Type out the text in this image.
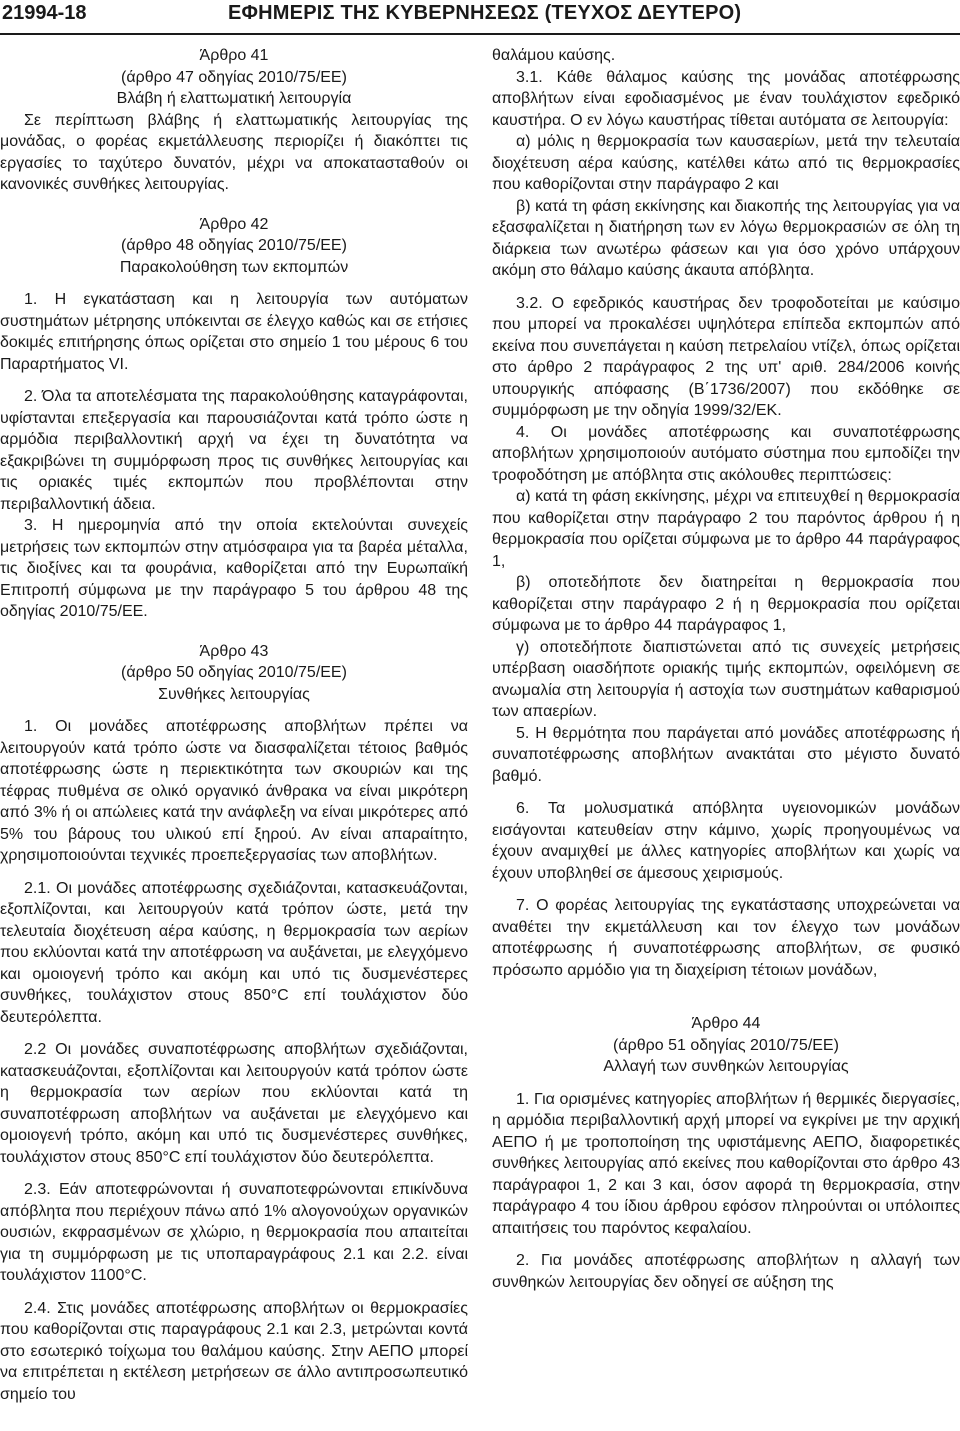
21994-18	ΕΦΗΜΕΡΙΣ ΤΗΣ ΚΥΒΕΡΝΗΣΕΩΣ (ΤΕΥΧΟΣ ΔΕΥΤΕΡΟ)
Άρθρο 41
(άρθρο 47 οδηγίας 2010/75/ΕΕ)
Βλάβη ή ελαττωματική λειτουργία

Σε περίπτωση βλάβης ή ελαττωματικής λειτουργίας της μονάδας, ο φορέας εκμετάλλευσης περιορίζει ή διακόπτει τις εργασίες το ταχύτερο δυνατόν, μέχρι να αποκατασταθούν οι κανονικές συνθήκες λειτουργίας.

Άρθρο 42
(άρθρο 48 οδηγίας 2010/75/ΕΕ)
Παρακολούθηση των εκπομπών

1. Η εγκατάσταση και η λειτουργία των αυτόματων συστημάτων μέτρησης υπόκεινται σε έλεγχο καθώς και σε ετήσιες δοκιμές επιτήρησης όπως ορίζεται στο σημείο 1 του μέρους 6 του Παραρτήματος VI.

2. Όλα τα αποτελέσματα της παρακολούθησης καταγράφονται, υφίστανται επεξεργασία και παρουσιάζονται κατά τρόπο ώστε η αρμόδια περιβαλλοντική αρχή να έχει τη δυνατότητα να εξακριβώνει τη συμμόρφωση προς τις συνθήκες λειτουργίας και τις οριακές τιμές εκπομπών που προβλέπονται στην περιβαλλοντική άδεια.

3. Η ημερομηνία από την οποία εκτελούνται συνεχείς μετρήσεις των εκπομπών στην ατμόσφαιρα για τα βαρέα μέταλλα, τις διοξίνες και τα φουράνια, καθορίζεται από την Ευρωπαϊκή Επιτροπή σύμφωνα με την παράγραφο 5 του άρθρου 48 της οδηγίας 2010/75/ΕΕ.

Άρθρο 43
(άρθρο 50 οδηγίας 2010/75/ΕΕ)
Συνθήκες λειτουργίας

1. Οι μονάδες αποτέφρωσης αποβλήτων πρέπει να λειτουργούν κατά τρόπο ώστε να διασφαλίζεται τέτοιος βαθμός αποτέφρωσης ώστε η περιεκτικότητα των σκουριών και της τέφρας πυθμένα σε ολικό οργανικό άνθρακα να είναι μικρότερη από 3% ή οι απώλειες κατά την ανάφλεξη να είναι μικρότερες από 5% του βάρους του υλικού επί ξηρού. Αν είναι απαραίτητο, χρησιμοποιούνται τεχνικές προεπεξεργασίας των αποβλήτων.

2.1. Οι μονάδες αποτέφρωσης σχεδιάζονται, κατασκευάζονται, εξοπλίζονται, και λειτουργούν κατά τρόπον ώστε, μετά την τελευταία διοχέτευση αέρα καύσης, η θερμοκρασία των αερίων που εκλύονται κατά την αποτέφρωση να αυξάνεται, με ελεγχόμενο και ομοιογενή τρόπο και ακόμη και υπό τις δυσμενέστερες συνθήκες, τουλάχιστον στους 850°C επί τουλάχιστον δύο δευτερόλεπτα.

2.2 Οι μονάδες συναποτέφρωσης αποβλήτων σχεδιάζονται, κατασκευάζονται, εξοπλίζονται και λειτουργούν κατά τρόπον ώστε η θερμοκρασία των αερίων που εκλύονται κατά τη συναποτέφρωση αποβλήτων να αυξάνεται με ελεγχόμενο και ομοιογενή τρόπο, ακόμη και υπό τις δυσμενέστερες συνθήκες, τουλάχιστον στους 850°C επί τουλάχιστον δύο δευτερόλεπτα.

2.3. Εάν αποτεφρώνονται ή συναποτεφρώνονται επικίνδυνα απόβλητα που περιέχουν πάνω από 1% αλογονούχων οργανικών ουσιών, εκφρασμένων σε χλώριο, η θερμοκρασία που απαιτείται για τη συμμόρφωση με τις υποπαραγράφους 2.1 και 2.2. είναι τουλάχιστον 1100°C.

2.4. Στις μονάδες αποτέφρωσης αποβλήτων οι θερμοκρασίες που καθορίζονται στις παραγράφους 2.1 και 2.3, μετρώνται κοντά στο εσωτερικό τοίχωμα του θαλάμου καύσης. Στην ΑΕΠΟ μπορεί να επιτρέπεται η εκτέλεση μετρήσεων σε άλλο αντιπροσωπευτικό σημείο του

θαλάμου καύσης.

3.1. Κάθε θάλαμος καύσης της μονάδας αποτέφρωσης αποβλήτων είναι εφοδιασμένος με έναν τουλάχιστον εφεδρικό καυστήρα. Ο εν λόγω καυστήρας τίθεται αυτόματα σε λειτουργία:

α) μόλις η θερμοκρασία των καυσαερίων, μετά την τελευταία διοχέτευση αέρα καύσης, κατέλθει κάτω από τις θερμοκρασίες που καθορίζονται στην παράγραφο 2 και

β) κατά τη φάση εκκίνησης και διακοπής της λειτουργίας για να εξασφαλίζεται η διατήρηση των εν λόγω θερμοκρασιών σε όλη τη διάρκεια των ανωτέρω φάσεων και για όσο χρόνο υπάρχουν ακόμη στο θάλαμο καύσης άκαυτα απόβλητα.

3.2. Ο εφεδρικός καυστήρας δεν τροφοδοτείται με καύσιμο που μπορεί να προκαλέσει υψηλότερα επίπεδα εκπομπών από εκείνα που συνεπάγεται η καύση πετρελαίου ντίζελ, όπως ορίζεται στο άρθρο 2 παράγραφος 2 της υπ' αριθ. 284/2006 κοινής υπουργικής απόφασης (Β΄1736/2007) που εκδόθηκε σε συμμόρφωση με την οδηγία 1999/32/ΕΚ.

4. Οι μονάδες αποτέφρωσης και συναποτέφρωσης αποβλήτων χρησιμοποιούν αυτόματο σύστημα που εμποδίζει την τροφοδότηση με απόβλητα στις ακόλουθες περιπτώσεις:

α) κατά τη φάση εκκίνησης, μέχρι να επιτευχθεί η θερμοκρασία που καθορίζεται στην παράγραφο 2 του παρόντος άρθρου ή η θερμοκρασία που ορίζεται σύμφωνα με το άρθρο 44 παράγραφος 1,

β) οποτεδήποτε δεν διατηρείται η θερμοκρασία που καθορίζεται στην παράγραφο 2 ή η θερμοκρασία που ορίζεται σύμφωνα με το άρθρο 44 παράγραφος 1,

γ) οποτεδήποτε διαπιστώνεται από τις συνεχείς μετρήσεις υπέρβαση οιασδήποτε οριακής τιμής εκπομπών, οφειλόμενη σε ανωμαλία στη λειτουργία ή αστοχία των συστημάτων καθαρισμού των απαερίων.

5. Η θερμότητα που παράγεται από μονάδες αποτέφρωσης ή συναποτέφρωσης αποβλήτων ανακτάται στο μέγιστο δυνατό βαθμό.

6. Τα μολυσματικά απόβλητα υγειονομικών μονάδων εισάγονται κατευθείαν στην κάμινο, χωρίς προηγουμένως να έχουν αναμιχθεί με άλλες κατηγορίες αποβλήτων και χωρίς να έχουν υποβληθεί σε άμεσους χειρισμούς.

7. Ο φορέας λειτουργίας της εγκατάστασης υποχρεώνεται να αναθέτει την εκμετάλλευση και τον έλεγχο των μονάδων αποτέφρωσης ή συναποτέφρωσης αποβλήτων, σε φυσικό πρόσωπο αρμόδιο για τη διαχείριση τέτοιων μονάδων,

Άρθρο 44
(άρθρο 51 οδηγίας 2010/75/ΕΕ)
Αλλαγή των συνθηκών λειτουργίας

1. Για ορισμένες κατηγορίες αποβλήτων ή θερμικές διεργασίες, η αρμόδια περιβαλλοντική αρχή μπορεί να εγκρίνει με την αρχική ΑΕΠΟ ή με τροποποίηση της υφιστάμενης ΑΕΠΟ, διαφορετικές συνθήκες λειτουργίας από εκείνες που καθορίζονται στο άρθρο 43 παράγραφοι 1, 2 και 3 και, όσον αφορά τη θερμοκρασία, στην παράγραφο 4 του ίδιου άρθρου εφόσον πληρούνται οι υπόλοιπες απαιτήσεις του παρόντος κεφαλαίου.

2. Για μονάδες αποτέφρωσης αποβλήτων η αλλαγή των συνθηκών λειτουργίας δεν οδηγεί σε αύξηση της
